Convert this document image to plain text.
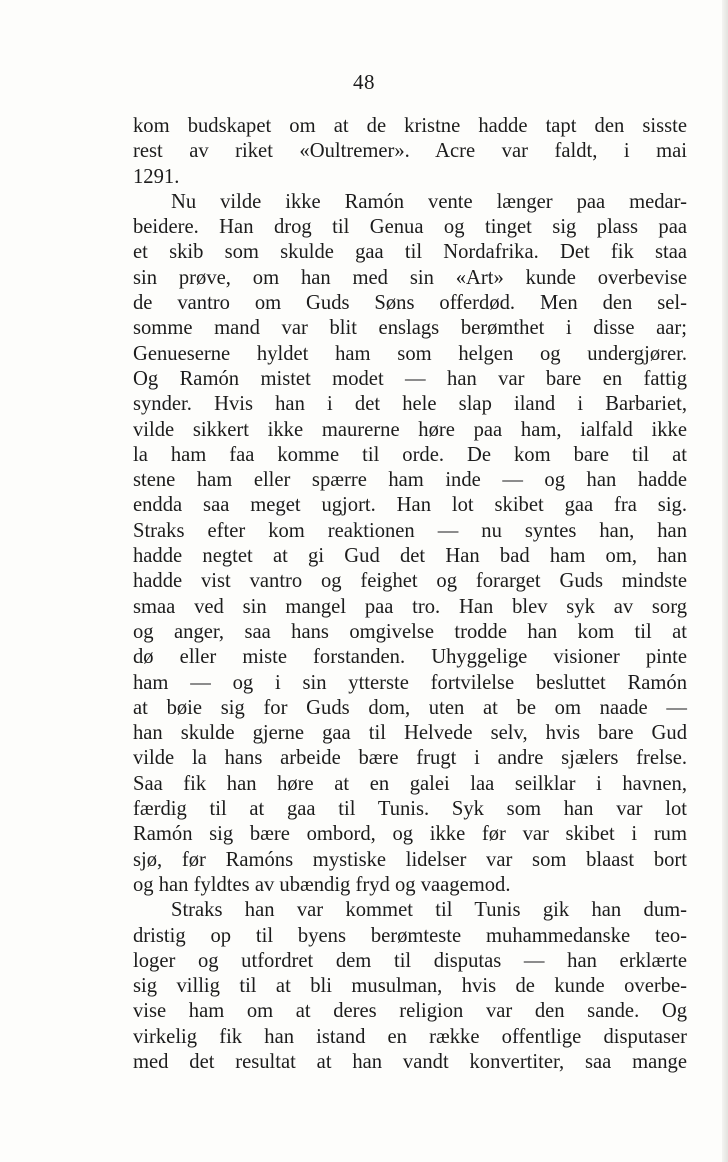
48
kom budskapet om at de kristne hadde tapt den sisste
rest av riket «Oultremer». Acre var faldt, i mai
1291.
Nu vilde ikke Ramón vente længer paa medar-
beidere. Han drog til Genua og tinget sig plass paa
et skib som skulde gaa til Nordafrika. Det fik staa
sin prøve, om han med sin «Art» kunde overbevise
de vantro om Guds Søns offerdød. Men den sel-
somme mand var blit enslags berømthet i disse aar;
Genueserne hyldet ham som helgen og undergjører.
Og Ramón mistet modet — han var bare en fattig
synder. Hvis han i det hele slap iland i Barbariet,
vilde sikkert ikke maurerne høre paa ham, ialfald ikke
la ham faa komme til orde. De kom bare til at
stene ham eller spærre ham inde — og han hadde
endda saa meget ugjort. Han lot skibet gaa fra sig.
Straks efter kom reaktionen — nu syntes han, han
hadde negtet at gi Gud det Han bad ham om, han
hadde vist vantro og feighet og forarget Guds mindste
smaa ved sin mangel paa tro. Han blev syk av sorg
og anger, saa hans omgivelse trodde han kom til at
dø eller miste forstanden. Uhyggelige visioner pinte
ham — og i sin ytterste fortvilelse besluttet Ramón
at bøie sig for Guds dom, uten at be om naade —
han skulde gjerne gaa til Helvede selv, hvis bare Gud
vilde la hans arbeide bære frugt i andre sjælers frelse.
Saa fik han høre at en galei laa seilklar i havnen,
færdig til at gaa til Tunis. Syk som han var lot
Ramón sig bære ombord, og ikke før var skibet i rum
sjø, før Ramóns mystiske lidelser var som blaast bort
og han fyldtes av ubændig fryd og vaagemod.
Straks han var kommet til Tunis gik han dum-
dristig op til byens berømteste muhammedanske teo-
loger og utfordret dem til disputas — han erklærte
sig villig til at bli musulman, hvis de kunde overbe-
vise ham om at deres religion var den sande. Og
virkelig fik han istand en række offentlige disputaser
med det resultat at han vandt konvertiter, saa mange
